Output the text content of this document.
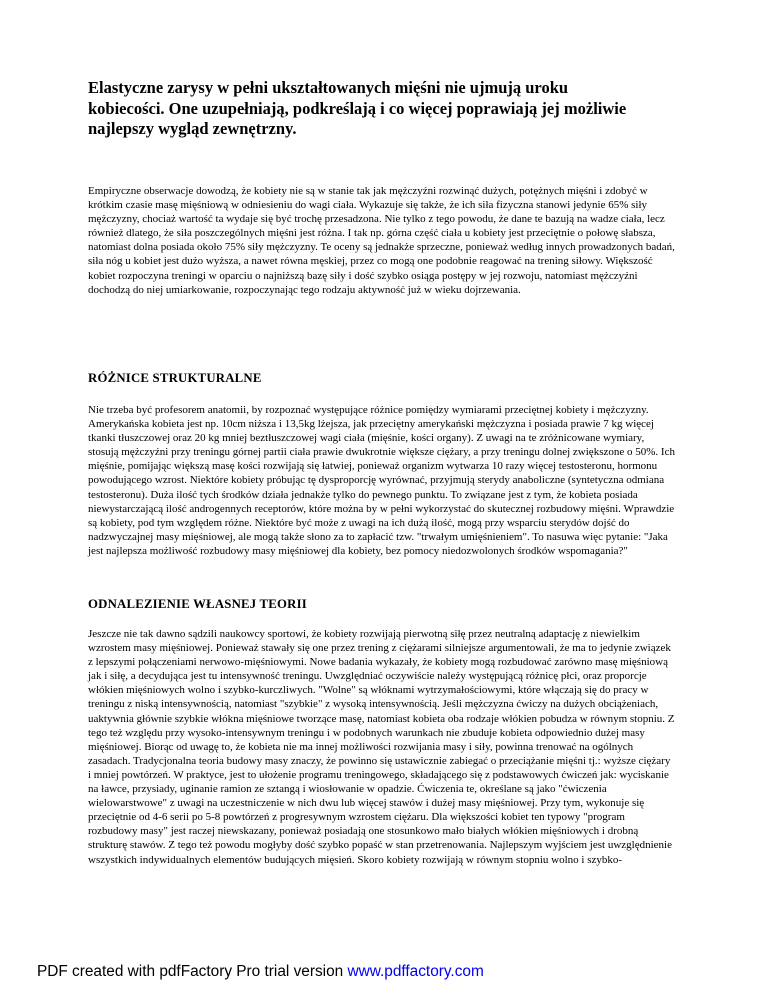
Elastyczne zarysy w pełni ukształtowanych mięśni nie ujmują uroku kobiecości. One uzupełniają, podkreślają i co więcej poprawiają jej możliwie najlepszy wygląd zewnętrzny.

Empiryczne obserwacje dowodzą, że kobiety nie są w stanie tak jak mężczyźni rozwinąć dużych, potężnych mięśni i zdobyć w krótkim czasie masę mięśniową w odniesieniu do wagi ciała. Wykazuje się także, że ich siła fizyczna stanowi jedynie 65% siły mężczyzny, chociaż wartość ta wydaje się być trochę przesadzona. Nie tylko z tego powodu, że dane te bazują na wadze ciała, lecz również dlatego, że siła poszczególnych mięśni jest różna. I tak np. górna część ciała u kobiety jest przeciętnie o połowę słabsza, natomiast dolna posiada około 75% siły mężczyzny. Te oceny są jednakże sprzeczne, ponieważ według innych prowadzonych badań, siła nóg u kobiet jest dużo wyższa, a nawet równa męskiej, przez co mogą one podobnie reagować na trening siłowy. Większość kobiet rozpoczyna treningi w oparciu o najniższą bazę siły i dość szybko osiąga postępy w jej rozwoju, natomiast mężczyźni dochodzą do niej umiarkowanie, rozpoczynając tego rodzaju aktywność już w wieku dojrzewania.

RÓŻNICE STRUKTURALNE

Nie trzeba być profesorem anatomii, by rozpoznać występujące różnice pomiędzy wymiarami przeciętnej kobiety i mężczyzny. Amerykańska kobieta jest np. 10cm niższa i 13,5kg lżejsza, jak przeciętny amerykański mężczyzna i posiada prawie 7 kg więcej tkanki tłuszczowej oraz 20 kg mniej beztłuszczowej wagi ciała (mięśnie, kości organy). Z uwagi na te zróżnicowane wymiary, stosują mężczyźni przy treningu górnej partii ciała prawie dwukrotnie większe ciężary, a przy treningu dolnej zwiększone o 50%. Ich mięśnie, pomijając większą masę kości rozwijają się łatwiej, ponieważ organizm wytwarza 10 razy więcej testosteronu, hormonu powodującego wzrost. Niektóre kobiety próbując tę dysproporcję wyrównać, przyjmują sterydy anaboliczne (syntetyczna odmiana testosteronu). Duża ilość tych środków działa jednakże tylko do pewnego punktu. To związane jest z tym, że kobieta posiada niewystarczającą ilość androgennych receptorów, które można by w pełni wykorzystać do skutecznej rozbudowy mięśni. Wprawdzie są kobiety, pod tym względem różne. Niektóre być może z uwagi na ich dużą ilość, mogą przy wsparciu sterydów dojść do nadzwyczajnej masy mięśniowej, ale mogą także słono za to zapłacić tzw. "trwałym umięśnieniem". To nasuwa więc pytanie: "Jaka jest najlepsza możliwość rozbudowy masy mięśniowej dla kobiety, bez pomocy niedozwolonych środków wspomagania?"

ODNALEZIENIE WŁASNEJ TEORII

Jeszcze nie tak dawno sądzili naukowcy sportowi, że kobiety rozwijają pierwotną siłę przez neutralną adaptację z niewielkim wzrostem masy mięśniowej. Ponieważ stawały się one przez trening z ciężarami silniejsze argumentowali, że ma to jedynie związek z lepszymi połączeniami nerwowo-mięśniowymi. Nowe badania wykazały, że kobiety mogą rozbudować zarówno masę mięśniową jak i siłę, a decydująca jest tu intensywność treningu. Uwzględniać oczywiście należy występującą różnicę płci, oraz proporcje włókien mięśniowych wolno i szybko-kurczliwych. "Wolne" są włóknami wytrzymałościowymi, które włączają się do pracy w treningu z niską intensywnością, natomiast "szybkie" z wysoką intensywnością. Jeśli mężczyzna ćwiczy na dużych obciążeniach, uaktywnia głównie szybkie włókna mięśniowe tworzące masę, natomiast kobieta oba rodzaje włókien pobudza w równym stopniu. Z tego też względu przy wysoko-intensywnym treningu i w podobnych warunkach nie zbuduje kobieta odpowiednio dużej masy mięśniowej. Biorąc od uwagę to, że kobieta nie ma innej możliwości rozwijania masy i siły, powinna trenować na ogólnych zasadach. Tradycjonalna teoria budowy masy znaczy, że powinno się ustawicznie zabiegać o przeciążanie mięśni tj.: wyższe ciężary i mniej powtórzeń. W praktyce, jest to ułożenie programu treningowego, składającego się z podstawowych ćwiczeń jak: wyciskanie na ławce, przysiady, uginanie ramion ze sztangą i wiosłowanie w opadzie. Ćwiczenia te, określane są jako "ćwiczenia wielowarstwowe" z uwagi na uczestniczenie w nich dwu lub więcej stawów i dużej masy mięśniowej. Przy tym, wykonuje się przeciętnie od 4-6 serii po 5-8 powtórzeń z progresywnym wzrostem ciężaru. Dla większości kobiet ten typowy "program rozbudowy masy" jest raczej niewskazany, ponieważ posiadają one stosunkowo mało białych włókien mięśniowych i drobną strukturę stawów. Z tego też powodu mogłyby dość szybko popaść w stan przetrenowania. Najlepszym wyjściem jest uwzględnienie wszystkich indywidualnych elementów budujących mięsień. Skoro kobiety rozwijają w równym stopniu wolno i szybko-

PDF created with pdfFactory Pro trial version www.pdffactory.com
